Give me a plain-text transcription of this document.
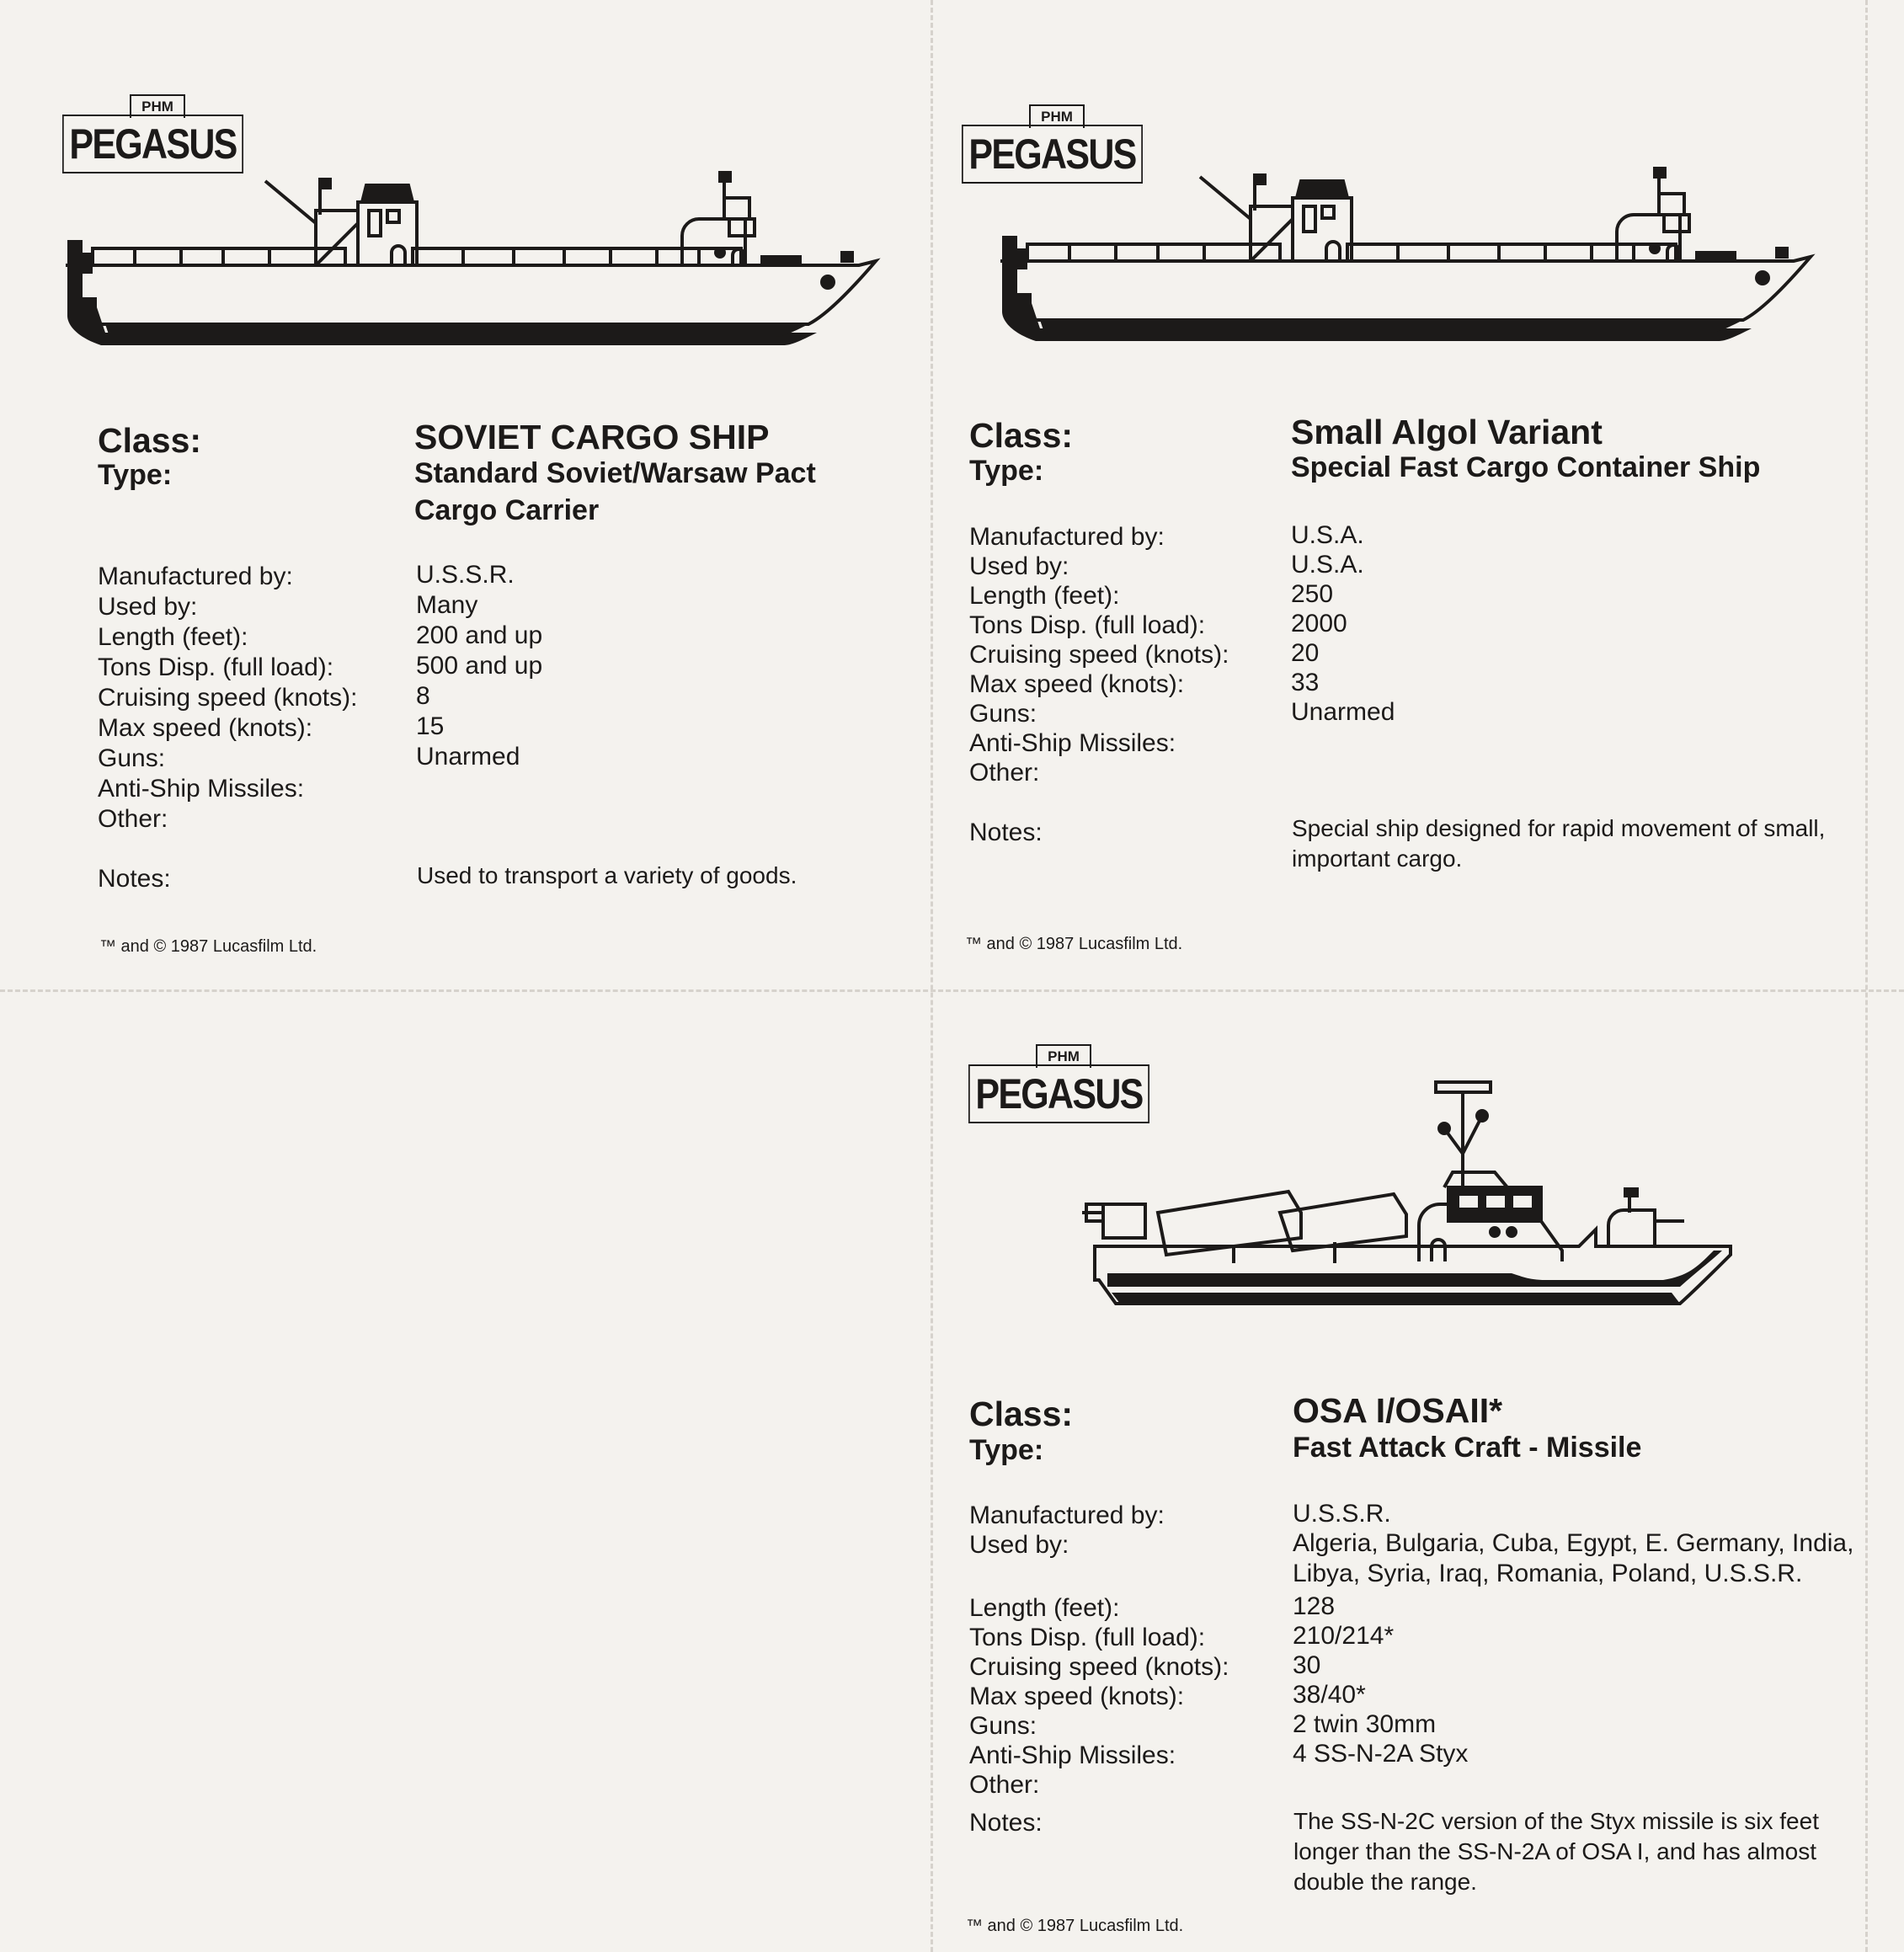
PHM
PEGASUS
Class:	SOVIET CARGO SHIP
Type:	Standard Soviet/Warsaw Pact
Cargo Carrier
Manufactured by:	U.S.S.R.
Used by:	Many
Length (feet):	200 and up
Tons Disp. (full load):	500 and up
Cruising speed (knots): 8
Max speed (knots):	15
Guns:	Unarmed
Anti-Ship Missiles:
Other:
Notes:	Used to transport a variety of goods.
™ and © 1987 Lucasfilm Ltd.
PHM
PEGASUS
Class:	Small Algol Variant
Type:	Special Fast Cargo Container Ship
Manufactured by:	U.S.A.
Used by:	U.S.A.
Length (feet):	250
Tons Disp. (full load):	2000
Cruising speed (knots): 20
Max speed (knots):	33
Guns:	Unarmed
Anti-Ship Missiles:
Other:
Notes:	Special ship designed for rapid movement of small, important cargo.
™ and © 1987 Lucasfilm Ltd.
PHM
PEGASUS
Class:	OSA I/OSAII*
Type:	Fast Attack Craft - Missile
Manufactured by:	U.S.S.R.
Used by:	Algeria, Bulgaria, Cuba, Egypt, E. Germany, India,
Libya, Syria, Iraq, Romania, Poland, U.S.S.R.
Length (feet):	128
Tons Disp. (full load):	210/214*
Cruising speed (knots):	30
Max speed (knots):	38/40*
Guns:	2 twin 30mm
Anti-Ship Missiles:	4 SS-N-2A Styx
Other:
Notes:	The SS-N-2C version of the Styx missile is six feet longer than the SS-N-2A of OSA I, and has almost double the range.
™ and © 1987 Lucasfilm Ltd.
